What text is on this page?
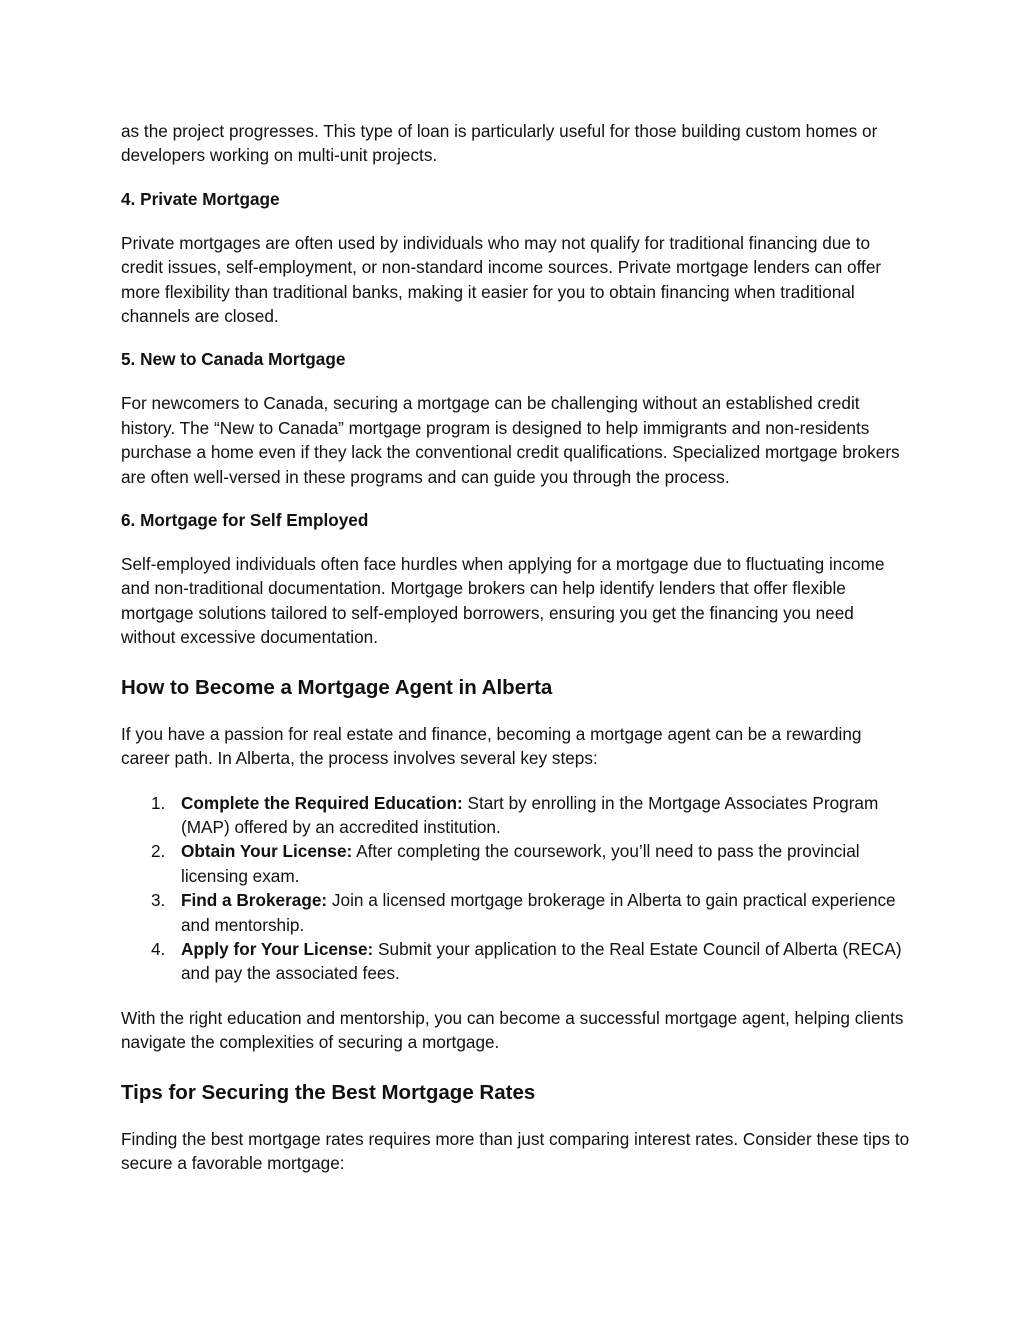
as the project progresses. This type of loan is particularly useful for those building custom homes or developers working on multi-unit projects.

4. Private Mortgage

Private mortgages are often used by individuals who may not qualify for traditional financing due to credit issues, self-employment, or non-standard income sources. Private mortgage lenders can offer more flexibility than traditional banks, making it easier for you to obtain financing when traditional channels are closed.

5. New to Canada Mortgage

For newcomers to Canada, securing a mortgage can be challenging without an established credit history. The “New to Canada” mortgage program is designed to help immigrants and non-residents purchase a home even if they lack the conventional credit qualifications. Specialized mortgage brokers are often well-versed in these programs and can guide you through the process.

6. Mortgage for Self Employed

Self-employed individuals often face hurdles when applying for a mortgage due to fluctuating income and non-traditional documentation. Mortgage brokers can help identify lenders that offer flexible mortgage solutions tailored to self-employed borrowers, ensuring you get the financing you need without excessive documentation.

How to Become a Mortgage Agent in Alberta

If you have a passion for real estate and finance, becoming a mortgage agent can be a rewarding career path. In Alberta, the process involves several key steps:

1. Complete the Required Education: Start by enrolling in the Mortgage Associates Program (MAP) offered by an accredited institution.
2. Obtain Your License: After completing the coursework, you’ll need to pass the provincial licensing exam.
3. Find a Brokerage: Join a licensed mortgage brokerage in Alberta to gain practical experience and mentorship.
4. Apply for Your License: Submit your application to the Real Estate Council of Alberta (RECA) and pay the associated fees.

With the right education and mentorship, you can become a successful mortgage agent, helping clients navigate the complexities of securing a mortgage.

Tips for Securing the Best Mortgage Rates

Finding the best mortgage rates requires more than just comparing interest rates. Consider these tips to secure a favorable mortgage:
